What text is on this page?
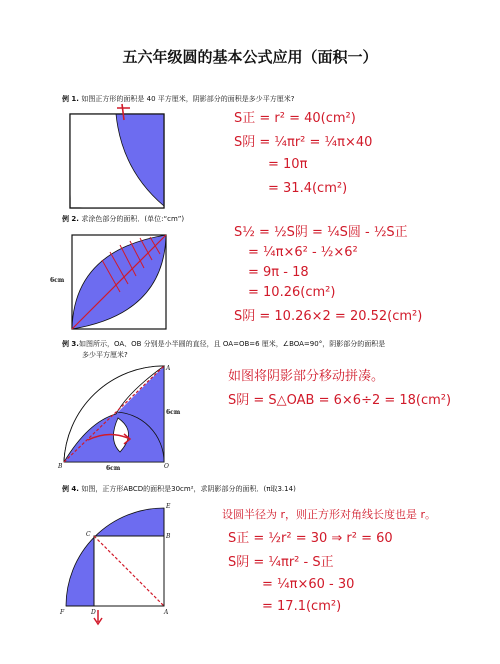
五六年级圆的基本公式应用（面积一）
例 1. 如图正方形的面积是 40 平方厘米，阴影部分的面积是多少平方厘米?
S正 = r² = 40(cm²)
S阴 = ¼πr² = ¼π×40
= 10π
= 31.4(cm²)
例 2. 求涂色部分的面积．(单位:“cm”)
6cm
S½ = ½S阴 = ¼S圆 - ½S正
= ¼π×6² - ½×6²
= 9π - 18
= 10.26(cm²)
S阴 = 10.26×2 = 20.52(cm²)
例 3.如图所示，OA、OB 分别是小半圆的直径，且 OA=OB=6 厘米，∠BOA=90°，阴影部分的面积是
多少平方厘米?
A
B	O
6cm
6cm
如图将阴影部分移动拼凑。
S阴 = S△OAB = 6×6÷2 = 18(cm²)
例 4. 如图，正方形ABCD的面积是30cm²，求阴影部分的面积．(π取3.14)
E
B
C
F	D	A
设圆半径为 r，则正方形对角线长度也是 r。
S正 = ½r² = 30 ⇒ r² = 60
S阴 = ¼πr² - S正
= ¼π×60 - 30
= 17.1(cm²)
